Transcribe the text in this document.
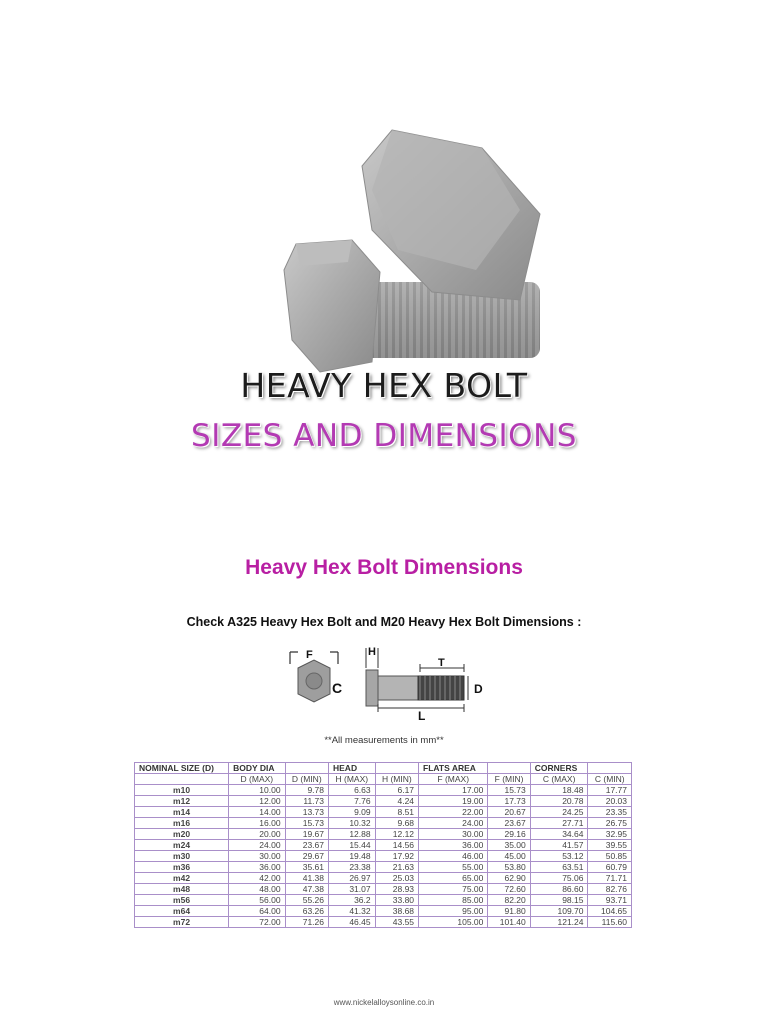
HEAVY HEX BOLT
SIZES AND DIMENSIONS
Heavy Hex Bolt Dimensions

Check A325 Heavy Hex Bolt and M20 Heavy Hex Bolt Dimensions :

F
C
H
T
D
L

**All measurements in mm**

NOMINAL SIZE (D)	BODY DIA		HEAD		FLATS AREA		CORNERS	
	D (MAX)	D (MIN)	H (MAX)	H (MIN)	F (MAX)	F (MIN)	C (MAX)	C (MIN)
m10	10.00	9.78	6.63	6.17	17.00	15.73	18.48	17.77
m12	12.00	11.73	7.76	4.24	19.00	17.73	20.78	20.03
m14	14.00	13.73	9.09	8.51	22.00	20.67	24.25	23.35
m16	16.00	15.73	10.32	9.68	24.00	23.67	27.71	26.75
m20	20.00	19.67	12.88	12.12	30.00	29.16	34.64	32.95
m24	24.00	23.67	15.44	14.56	36.00	35.00	41.57	39.55
m30	30.00	29.67	19.48	17.92	46.00	45.00	53.12	50.85
m36	36.00	35.61	23.38	21.63	55.00	53.80	63.51	60.79
m42	42.00	41.38	26.97	25.03	65.00	62.90	75.06	71.71
m48	48.00	47.38	31.07	28.93	75.00	72.60	86.60	82.76
m56	56.00	55.26	36.2	33.80	85.00	82.20	98.15	93.71
m64	64.00	63.26	41.32	38.68	95.00	91.80	109.70	104.65
m72	72.00	71.26	46.45	43.55	105.00	101.40	121.24	115.60

www.nickelalloysonline.co.in
